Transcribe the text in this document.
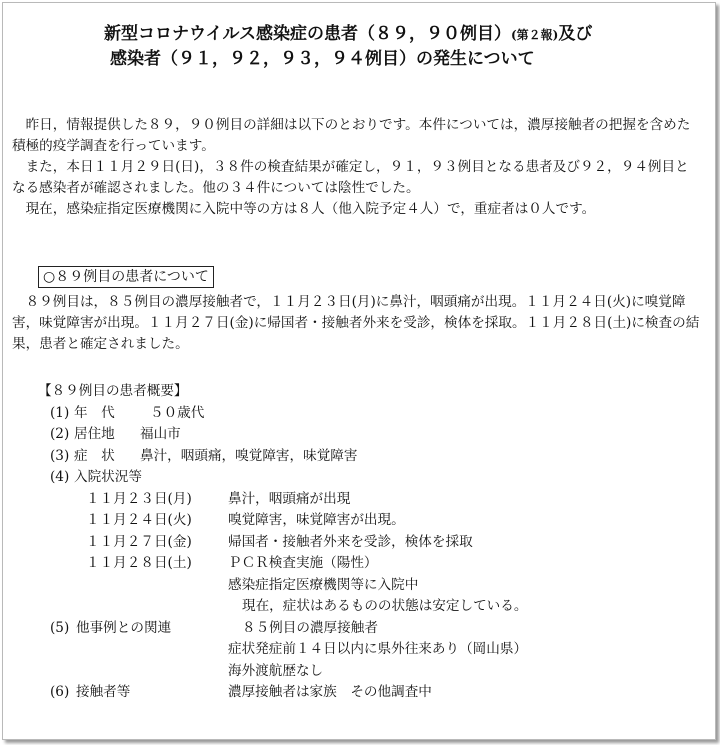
新型コロナウイルス感染症の患者（８９，９０例目）(第２報)及び
感染者（９１，９２，９３，９４例目）の発生について

昨日，情報提供した８９，９０例目の詳細は以下のとおりです。本件については，濃厚接触者の把握を含めた積極的疫学調査を行っています。

また，本日１１月２９日(日)，３８件の検査結果が確定し，９１，９３例目となる患者及び９２，９４例目となる感染者が確認されました。他の３４件については陰性でした。

現在，感染症指定医療機関に入院中等の方は８人（他入院予定４人）で，重症者は０人です。

○８９例目の患者について

８９例目は，８５例目の濃厚接触者で，１１月２３日(月)に鼻汁，咽頭痛が出現。１１月２４日(火)に嗅覚障害，味覚障害が出現。１１月２７日(金)に帰国者・接触者外来を受診，検体を採取。１１月２８日(土)に検査の結果，患者と確定されました。

【８９例目の患者概要】
(1) 年　代	５０歳代
(2) 居住地 福山市
(3) 症　状 鼻汁，咽頭痛，嗅覚障害，味覚障害
(4) 入院状況等
１１月２３日(月)	鼻汁，咽頭痛が出現
１１月２４日(火)	嗅覚障害，味覚障害が出現。
１１月２７日(金)	帰国者・接触者外来を受診，検体を採取
１１月２８日(土)	ＰＣＲ検査実施（陽性）
感染症指定医療機関等に入院中
現在，症状はあるものの状態は安定している。
(5) 他事例との関連	８５例目の濃厚接触者
症状発症前１４日以内に県外往来あり（岡山県）
海外渡航歴なし
(6) 接触者等	濃厚接触者は家族　その他調査中
